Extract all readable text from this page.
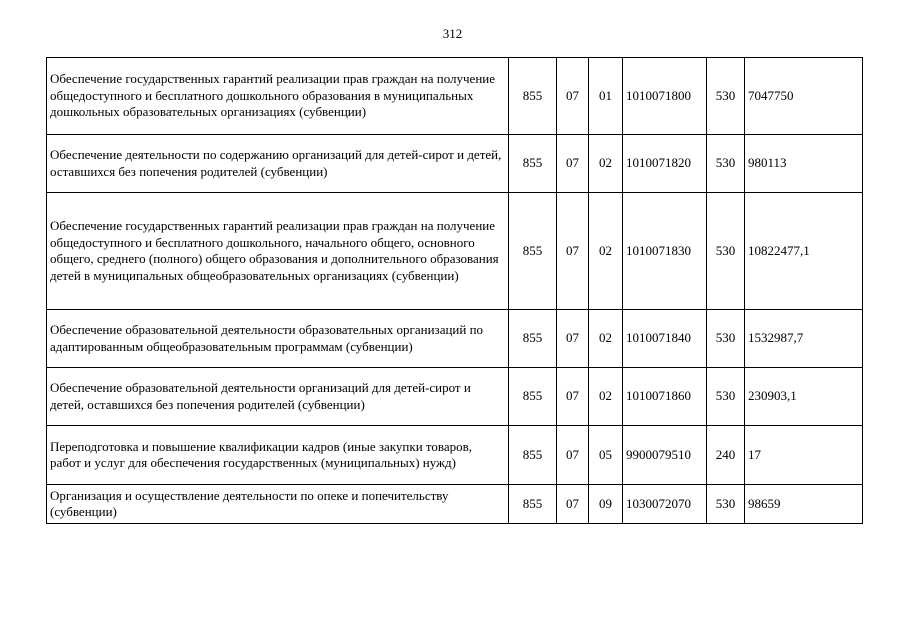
312
Обеспечение государственных гарантий реализации прав граждан на получение общедоступного и бесплатного дошкольного образования в муниципальных дошкольных образовательных организациях (субвенции)	855	07	01	1010071800	530	7047750
Обеспечение деятельности по содержанию организаций для детей-сирот и детей, оставшихся без попечения родителей (субвенции)	855	07	02	1010071820	530	980113
Обеспечение государственных гарантий реализации прав граждан на получение общедоступного и бесплатного дошкольного, начального общего, основного общего, среднего (полного) общего образования и дополнительного образования детей в муниципальных общеобразовательных организациях (субвенции)	855	07	02	1010071830	530	10822477,1
Обеспечение образовательной деятельности образовательных организаций по адаптированным общеобразовательным программам (субвенции)	855	07	02	1010071840	530	1532987,7
Обеспечение образовательной деятельности организаций для детей-сирот и детей, оставшихся без попечения родителей (субвенции)	855	07	02	1010071860	530	230903,1
Переподготовка и повышение квалификации кадров (иные закупки товаров, работ и услуг для обеспечения государственных (муниципальных) нужд)	855	07	05	9900079510	240	17
Организация и осуществление деятельности по опеке и попечительству (субвенции)	855	07	09	1030072070	530	98659
